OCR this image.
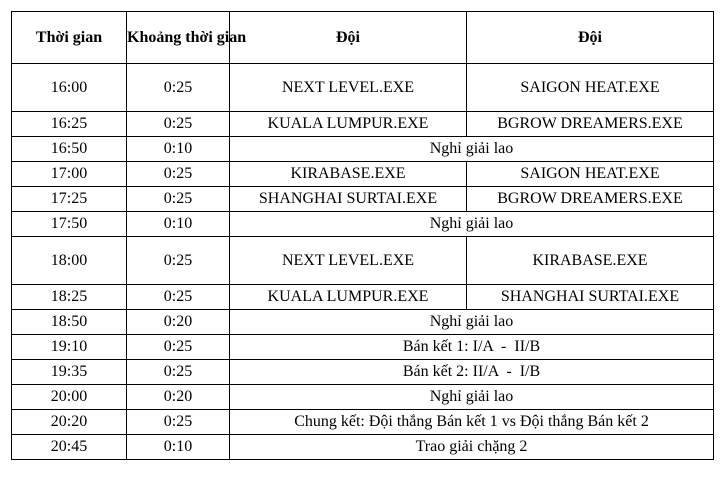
Thời gian	Khoảng thời gian	Đội	Đội
16:00	0:25	NEXT LEVEL.EXE	SAIGON HEAT.EXE
16:25	0:25	KUALA LUMPUR.EXE	BGROW DREAMERS.EXE
16:50	0:10	Nghỉ giải lao	
17:00	0:25	KIRABASE.EXE	SAIGON HEAT.EXE
17:25	0:25	SHANGHAI SURTAI.EXE	BGROW DREAMERS.EXE
17:50	0:10	Nghỉ giải lao	
18:00	0:25	NEXT LEVEL.EXE	KIRABASE.EXE
18:25	0:25	KUALA LUMPUR.EXE	SHANGHAI SURTAI.EXE
18:50	0:20	Nghỉ giải lao	
19:10	0:25	Bán kết 1: I/A  -  II/B	
19:35	0:25	Bán kết 2: II/A  -  I/B	
20:00	0:20	Nghỉ giải lao	
20:20	0:25	Chung kết: Đội thắng Bán kết 1 vs Đội thắng Bán kết 2	
20:45	0:10	Trao giải chặng 2	
